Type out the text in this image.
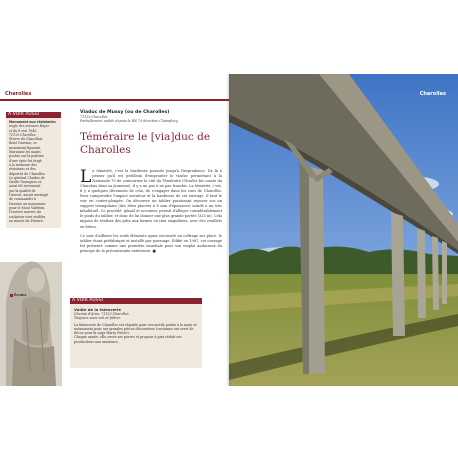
Charolles
A VOIR AUSSI
Monument aux résistants:
angle des avenues Bayer
et du 8 mai 1945,
71120 Charolles
Œuvre du Charollais
René Davoine, ce
monument figurant
Marianne les mains
posées sur la poitrine
d'une épée fut érigé
à la mémoire des
résistants et des
déportés de Charolles.
Le général Charles de
Gaulle l'inaugura et,
aussi tôt serrement
par la qualité de
l'œuvre, aurait envisagé
de commander à
Davoine un monument
pour le Mont Valérien.
D'autres œuvres du
sculpteur sont visibles
au musée du Prieuré.
Viaduc de Mussy (ou de Charolles)
71120 Charolles
Partiellement visible depuis la RN 79 direction Champlecy
Téméraire le [via]duc de Charolles
La témérité, c'est la hardiesse poussée jusqu'à l'imprudence. De là à penser qu'il est périlleux d'emprunter le viaduc permettant à la Nationale 79 de contourner la cité du Téméraire (Charles fut comte du Charolais dans sa jeunesse), il y a un pas à ne pas franchir. La témérité, c'est, il y a quelques décennies de cela, de s'engager dans les rues de Charolles. Pour comprendre l'impact novateur et la hardiesse de cet ouvrage, il faut le voir en contre-plongée. On découvre un tablier paraissant reposer sur un support triangulaire (des têtes placées à 8 mm d'épaisseur) scindé à un très inhabituel. Ce procédé, génial et novateur, permit d'alléger considérablement le poids du tablier, et donc de lui donner une plus grande portée (325 m). Cela impose de réaliser des piles aux formes en rien singulières, avec des ceuillets en béton.
Ce sont d'ailleurs les seuls éléments ayant nécessité un coffrage sur place, le tablier étant préfabriqué et installé par poussage. Édifié en 1987, cet ouvrage fut présenté comme une première mondiale pour son emploi audacieux du principe de la précontrainte extérieure. ■
Écrans
A VOIR AUSSI
Voûte de la faïencerie
Chemin d'Aron, 71120 Charolles
Toujours vous voit et fabrer
La faïencerie de Charolles est réputée pour ses motifs peints à la main et notamment pour ses grandes pièces décoratives (certaines ont servi de décor pour la saga Harry Potter).
Chaque année, elle ouvre ses portes et propose à prix réduit ses productions aux amateurs.
Charolles
